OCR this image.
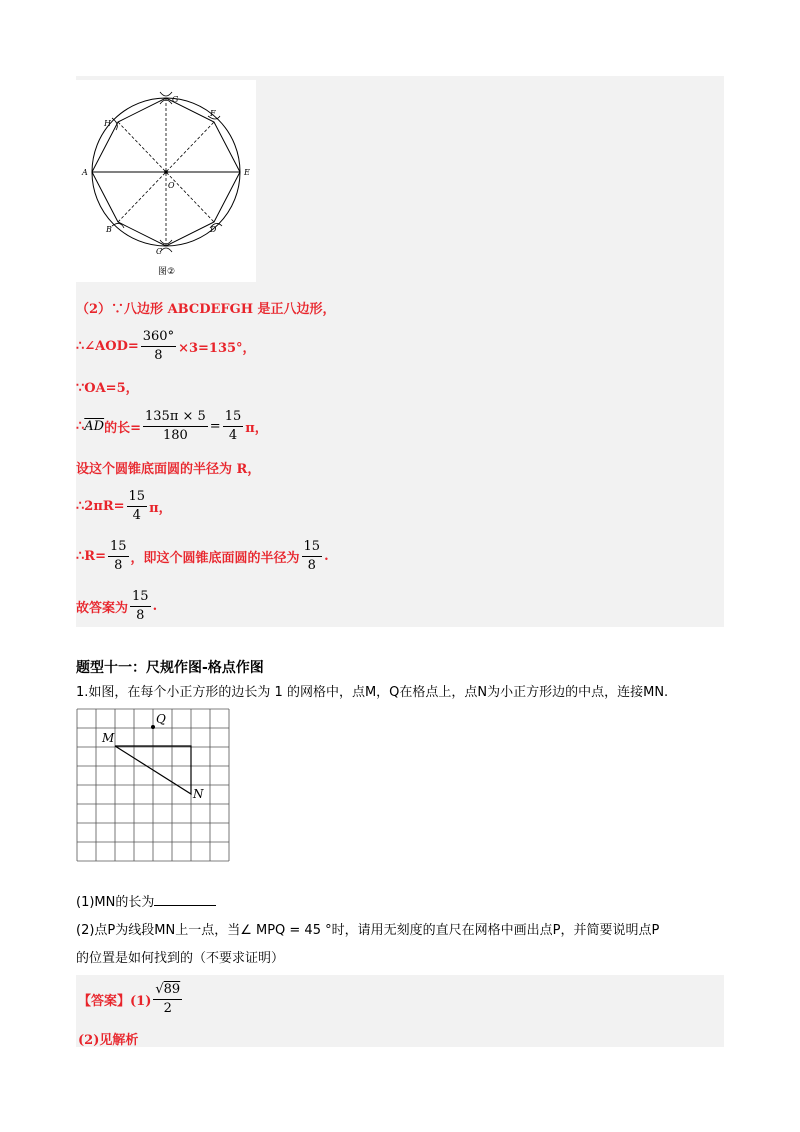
A
B
C
D
E
F
G
H
O
图②
（2）∵八边形 ABCDEFGH 是正八边形，
∴∠AOD= $\frac{360^\circ}{8} \times 3=135^\circ$，
∵OA=5，
∴ $\overline{AD}$ 的长= $\frac{135\pi \times 5}{180} = \frac{15}{4}$ π，
设这个圆锥底面圆的半径为 R，
∴2πR= $\frac{15}{4}$ π，
∴R= $\frac{15}{8}$ ，即这个圆锥底面圆的半径为 $\frac{15}{8}$ .
故答案为 $\frac{15}{8}$ .
题型十一：尺规作图-格点作图
1.如图，在每个小正方形的边长为 1 的网格中，点M，Q在格点上，点N为小正方形边的中点，连接MN.
M
Q
N
(1)MN的长为
(2)点P为线段MN上一点，当∠ MPQ = 45 °时，请用无刻度的直尺在网格中画出点P，并简要说明点P
的位置是如何找到的（不要求证明）
【答案】$(1) \frac{√89}{2}$
(2)见解析
